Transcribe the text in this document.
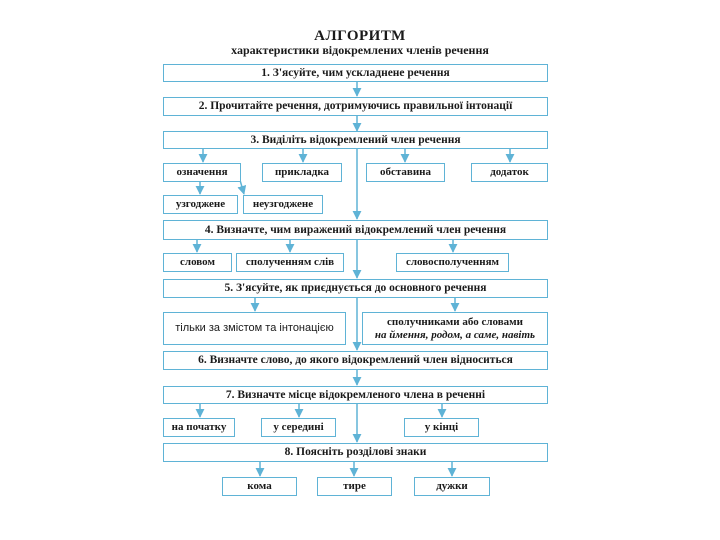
АЛГОРИТМ
характеристики відокремлених членів речення
1. З'ясуйте, чим ускладнене речення
2. Прочитайте речення, дотримуючись правильної інтонації
3. Виділіть відокремлений член речення
означення	прикладка	обставина	додаток
узгоджене	неузгоджене
4. Визначте, чим виражений відокремлений член речення
словом	сполученням слів	словосполученням
5. З'ясуйте, як приєднується до основного речення
тільки за змістом та інтонацією
сполучниками або словами
на ймення, родом, а саме, навіть
6. Визначте слово, до якого відокремлений член відноситься
7. Визначте місце відокремленого члена в реченні
на початку	у середині	у кінці
8. Поясніть розділові знаки
кома	тире	дужки
